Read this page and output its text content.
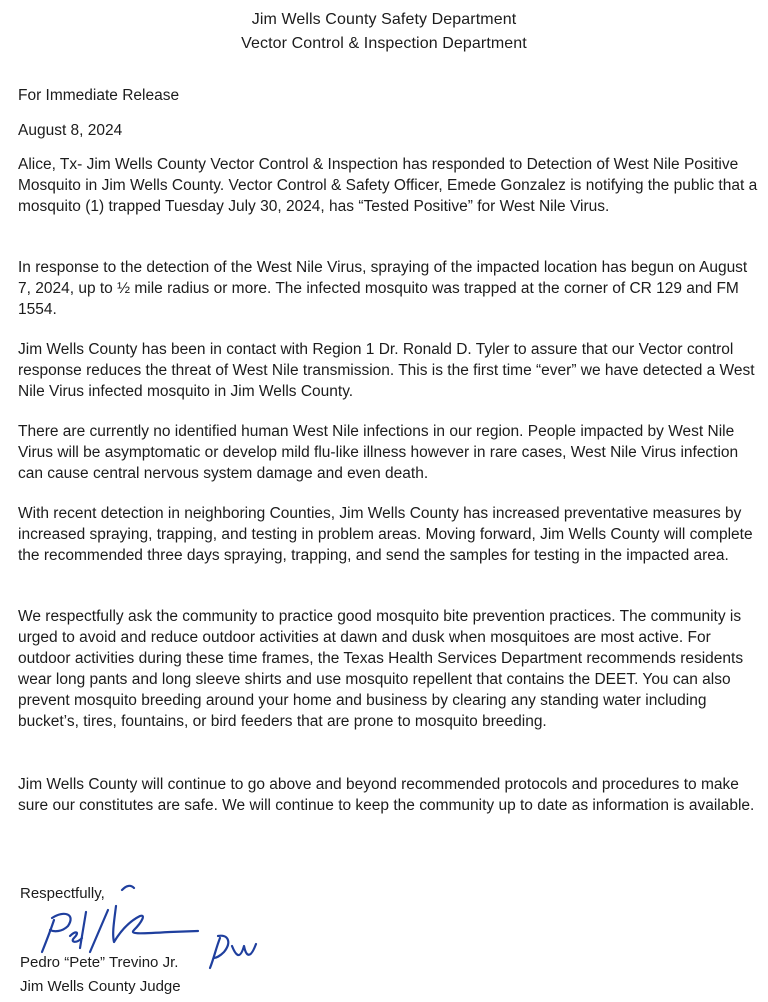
Jim Wells County Safety Department
Vector Control & Inspection Department
For Immediate Release
August 8, 2024

Alice, Tx- Jim Wells County Vector Control & Inspection has responded to Detection of West Nile Positive Mosquito in Jim Wells County. Vector Control & Safety Officer, Emede Gonzalez is notifying the public that a mosquito (1) trapped Tuesday July 30, 2024, has “Tested Positive” for West Nile Virus.

In response to the detection of the West Nile Virus, spraying of the impacted location has begun on August 7, 2024, up to ½ mile radius or more. The infected mosquito was trapped at the corner of CR 129 and FM 1554.

Jim Wells County has been in contact with Region 1 Dr. Ronald D. Tyler to assure that our Vector control response reduces the threat of West Nile transmission. This is the first time “ever” we have detected a West Nile Virus infected mosquito in Jim Wells County.

There are currently no identified human West Nile infections in our region. People impacted by West Nile Virus will be asymptomatic or develop mild flu-like illness however in rare cases, West Nile Virus infection can cause central nervous system damage and even death.

With recent detection in neighboring Counties, Jim Wells County has increased preventative measures by increased spraying, trapping, and testing in problem areas. Moving forward, Jim Wells County will complete the recommended three days spraying, trapping, and send the samples for testing in the impacted area.

We respectfully ask the community to practice good mosquito bite prevention practices. The community is urged to avoid and reduce outdoor activities at dawn and dusk when mosquitoes are most active. For outdoor activities during these time frames, the Texas Health Services Department recommends residents wear long pants and long sleeve shirts and use mosquito repellent that contains the DEET. You can also prevent mosquito breeding around your home and business by clearing any standing water including bucket’s, tires, fountains, or bird feeders that are prone to mosquito breeding.

Jim Wells County will continue to go above and beyond recommended protocols and procedures to make sure our constitutes are safe. We will continue to keep the community up to date as information is available.

Respectfully,
Pedro “Pete” Trevino Jr.
Jim Wells County Judge
